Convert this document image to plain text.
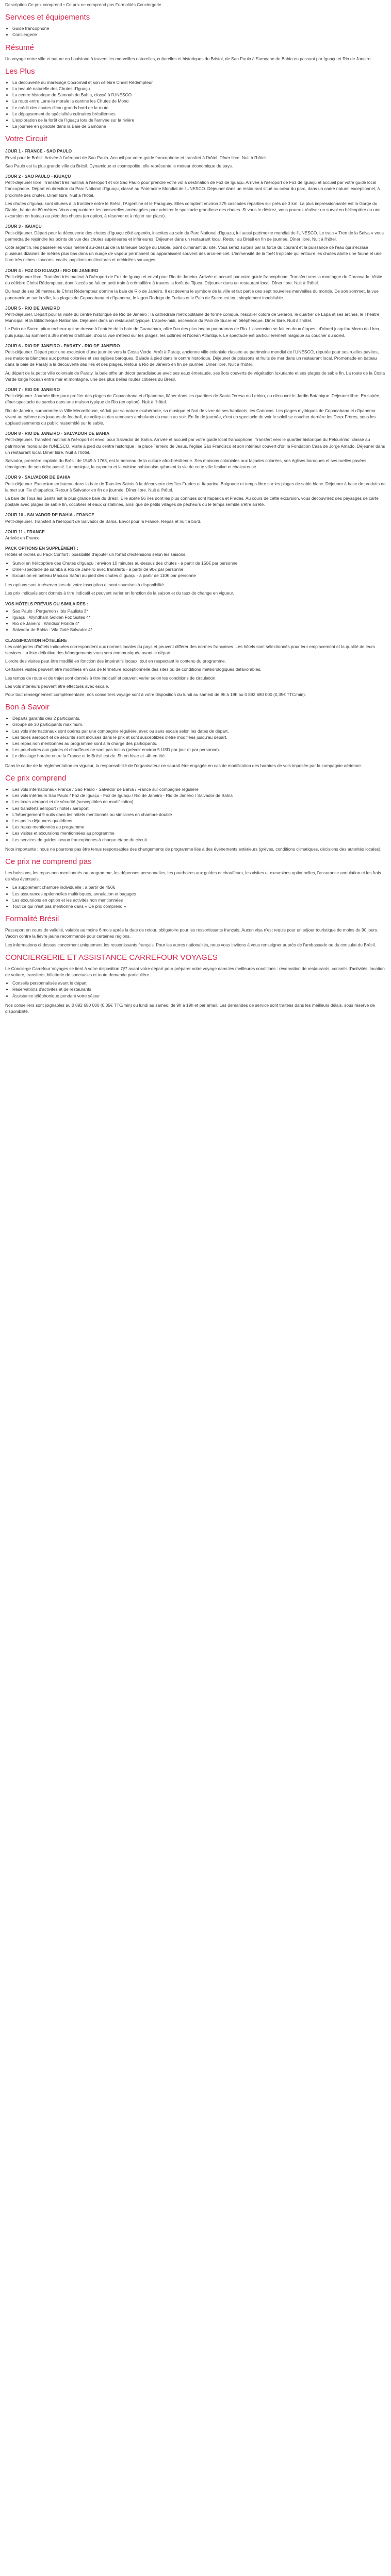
Description Ce prix comprend • Ce prix ne comprend pas Formalités Conciergerie
Services et équipements
• Guide francophone
• Conciergerie
Résumé

Un voyage entre ville et nature en Louisiane à travers les merveilles naturelles, culturelles et historiques du Bristol, de San Paulo à Samoane de Bahia en passant par Iguaçu et Rio de Janeiro.

Les Plus
• La découverte du marécage Cocromail et son célèbre Christ Rédempteur
• La beauté naturelle des Chutes d'Iguaçu
• La centre historique de Samoah de Bahia, classé à l'UNESCO
• La route entre Lane-la morale la cantine les Chutes de Mono
• Le crédit des chutes d'eau grands bord de la route
• Le dépaysement de spécialités culinaires brésiliennes
• L'exploration de la forêt de l'Iguaçu lors de l'arrivée sur la rivière
• La journée en gondole dans la Baie de Samoane
Votre Circuit

JOUR 1 - FRANCE - SAO PAULO

Envol pour le Brésil. Arrivée à l'aéroport de Sao Paulo. Accueil par votre guide francophone et transfert à l'hôtel. Dîner libre. Nuit à l'hôtel.

Sao Paulo est la plus grande ville du Brésil. Dynamique et cosmopolite, elle représente le moteur économique du pays.

JOUR 2 - SAO PAULO - IGUAÇU

Petit-déjeuner libre. Transfert très matinal à l'aéroport et vol Sao Paulo pour prendre votre vol à destination de Foz de Iguaçu. Arrivée à l'aéroport de Foz de Iguaçu et accueil par votre guide local francophone. Départ en direction du Parc National d'Iguaçu, classé au Patrimoine Mondial de l'UNESCO. Déjeuner dans un restaurant situé au cœur du parc, dans un cadre naturel exceptionnel, à proximité des chutes. Dîner libre. Nuit à l'hôtel.

Les chutes d'Iguaçu sont situées à la frontière entre le Brésil, l'Argentine et le Paraguay. Elles comptent environ 275 cascades réparties sur près de 3 km. La plus impressionnante est la Gorge du Diable, haute de 80 mètres. Vous emprunterez les passerelles aménagées pour admirer le spectacle grandiose des chutes. Si vous le désirez, vous pourrez réaliser un survol en hélicoptère ou une excursion en bateau au pied des chutes (en option, à réserver et à régler sur place).

JOUR 3 - IGUAÇU

Petit-déjeuner. Départ pour la découverte des chutes d'Iguaçu côté argentin, inscrites au sein du Parc National d'Iguazu, lui aussi patrimoine mondial de l'UNESCO. Le train « Tren de la Selva » vous permettra de rejoindre les points de vue des chutes supérieures et inférieures. Déjeuner dans un restaurant local. Retour au Brésil en fin de journée. Dîner libre. Nuit à l'hôtel.

Côté argentin, les passerelles vous mènent au-dessus de la fameuse Gorge du Diable, point culminant du site. Vous serez surpris par la force du courant et la puissance de l'eau qui s'écrase plusieurs dizaines de mètres plus bas dans un nuage de vapeur permanent où apparaissent souvent des arcs-en-ciel. L'immensité de la forêt tropicale qui entoure les chutes abrite une faune et une flore très riches : toucans, coatis, papillons multicolores et orchidées sauvages.

JOUR 4 - FOZ DO IGUAÇU - RIO DE JANEIRO

Petit-déjeuner libre. Transfert très matinal à l'aéroport de Foz de Iguaçu et envol pour Rio de Janeiro. Arrivée et accueil par votre guide francophone. Transfert vers la montagne du Corcovado. Visite du célèbre Christ Rédempteur, dont l'accès se fait en petit train à crémaillère à travers la forêt de Tijuca. Déjeuner dans un restaurant local. Dîner libre. Nuit à l'hôtel.

Du haut de ses 38 mètres, le Christ Rédempteur domine la baie de Rio de Janeiro. Il est devenu le symbole de la ville et fait partie des sept nouvelles merveilles du monde. De son sommet, la vue panoramique sur la ville, les plages de Copacabana et d'Ipanema, le lagon Rodrigo de Freitas et le Pain de Sucre est tout simplement inoubliable.

JOUR 5 - RIO DE JANEIRO

Petit-déjeuner. Départ pour la visite du centre historique de Rio de Janeiro : la cathédrale métropolitaine de forme conique, l'escalier coloré de Selarón, le quartier de Lapa et ses arches, le Théâtre Municipal et la Bibliothèque Nationale. Déjeuner dans un restaurant typique. L'après-midi, ascension du Pain de Sucre en téléphérique. Dîner libre. Nuit à l'hôtel.

Le Pain de Sucre, piton rocheux qui se dresse à l'entrée de la baie de Guanabara, offre l'un des plus beaux panoramas de Rio. L'ascension se fait en deux étapes : d'abord jusqu'au Morro da Urca, puis jusqu'au sommet à 396 mètres d'altitude, d'où la vue s'étend sur les plages, les collines et l'océan Atlantique. Le spectacle est particulièrement magique au coucher du soleil.

JOUR 6 - RIO DE JANEIRO - PARATY - RIO DE JANEIRO

Petit-déjeuner. Départ pour une excursion d'une journée vers la Costa Verde. Arrêt à Paraty, ancienne ville coloniale classée au patrimoine mondial de l'UNESCO, réputée pour ses ruelles pavées, ses maisons blanches aux portes colorées et ses églises baroques. Balade à pied dans le centre historique. Déjeuner de poissons et fruits de mer dans un restaurant local. Promenade en bateau dans la baie de Paraty à la découverte des îles et des plages. Retour à Rio de Janeiro en fin de journée. Dîner libre. Nuit à l'hôtel.

Au départ de la petite ville coloniale de Paraty, la baie offre un décor paradisiaque avec ses eaux émeraude, ses îlots couverts de végétation luxuriante et ses plages de sable fin. La route de la Costa Verde longe l'océan entre mer et montagne, une des plus belles routes côtières du Brésil.

JOUR 7 - RIO DE JANEIRO

Petit-déjeuner. Journée libre pour profiter des plages de Copacabana et d'Ipanema, flâner dans les quartiers de Santa Teresa ou Leblon, ou découvrir le Jardin Botanique. Déjeuner libre. En soirée, dîner-spectacle de samba dans une maison typique de Rio (en option). Nuit à l'hôtel.

Rio de Janeiro, surnommée la Ville Merveilleuse, séduit par sa nature exubérante, sa musique et l'art de vivre de ses habitants, les Cariocas. Les plages mythiques de Copacabana et d'Ipanema vivent au rythme des joueurs de football, de volley et des vendeurs ambulants du matin au soir. En fin de journée, c'est un spectacle de voir le soleil se coucher derrière les Deux Frères, sous les applaudissements du public rassemblé sur le sable.

JOUR 8 - RIO DE JANEIRO - SALVADOR DE BAHIA

Petit-déjeuner. Transfert matinal à l'aéroport et envol pour Salvador de Bahia. Arrivée et accueil par votre guide local francophone. Transfert vers le quartier historique du Pelourinho, classé au patrimoine mondial de l'UNESCO. Visite à pied du centre historique : la place Terreiro de Jesus, l'église São Francisco et son intérieur couvert d'or, la Fondation Casa de Jorge Amado. Déjeuner dans un restaurant local. Dîner libre. Nuit à l'hôtel.

Salvador, première capitale du Brésil de 1549 à 1763, est le berceau de la culture afro-brésilienne. Ses maisons coloniales aux façades colorées, ses églises baroques et ses ruelles pavées témoignent de son riche passé. La musique, la capoeira et la cuisine bahianaise rythment la vie de cette ville festive et chaleureuse.

JOUR 9 - SALVADOR DE BAHIA

Petit-déjeuner. Excursion en bateau dans la baie de Tous les Saints à la découverte des îles Frades et Itaparica. Baignade et temps libre sur les plages de sable blanc. Déjeuner à base de produits de la mer sur l'île d'Itaparica. Retour à Salvador en fin de journée. Dîner libre. Nuit à l'hôtel.

La baie de Tous les Saints est la plus grande baie du Brésil. Elle abrite 56 îles dont les plus connues sont Itaparica et Frades. Au cours de cette excursion, vous découvrirez des paysages de carte postale avec plages de sable fin, cocotiers et eaux cristallines, ainsi que de petits villages de pêcheurs où le temps semble s'être arrêté.

JOUR 10 - SALVADOR DE BAHIA - FRANCE

Petit-déjeuner. Transfert à l'aéroport de Salvador de Bahia. Envol pour la France. Repas et nuit à bord.

JOUR 11 - FRANCE

Arrivée en France.

PACK OPTIONS EN SUPPLÉMENT :

Hôtels et ordres du Pack Confort : possibilité d'ajouter un forfait d'extensions selon les saisons.

• Survol en hélicoptère des Chutes d'Iguaçu : environ 10 minutes au-dessus des chutes - à partir de 150€ par personne
• Dîner-spectacle de samba à Rio de Janeiro avec transferts - à partir de 90€ par personne
• Excursion en bateau Macuco Safari au pied des chutes d'Iguaçu - à partir de 110€ par personne

Les options sont à réserver lors de votre inscription et sont soumises à disponibilité.

Les prix indiqués sont donnés à titre indicatif et peuvent varier en fonction de la saison et du taux de change en vigueur.

VOS HÔTELS PRÉVUS OU SIMILAIRES :

• Sao Paulo : Pergamon / Ibis Paulista 3*
• Iguaçu : Wyndham Golden Foz Suites 4*
• Rio de Janeiro : Windsor Flórida 4*
• Salvador de Bahia : Vila Galé Salvador 4*

CLASSIFICATION HÔTELIÈRE

Les catégories d'hôtels indiquées correspondent aux normes locales du pays et peuvent différer des normes françaises. Les hôtels sont sélectionnés pour leur emplacement et la qualité de leurs services. La liste définitive des hébergements vous sera communiquée avant le départ.

L'ordre des visites peut être modifié en fonction des impératifs locaux, tout en respectant le contenu du programme.

Certaines visites peuvent être modifiées en cas de fermeture exceptionnelle des sites ou de conditions météorologiques défavorables.

Les temps de route et de trajet sont donnés à titre indicatif et peuvent varier selon les conditions de circulation.

Les vols intérieurs peuvent être effectués avec escale.

Pour tout renseignement complémentaire, nos conseillers voyage sont à votre disposition du lundi au samedi de 9h à 19h au 0 892 680 000 (0,35€ TTC/min).

Bon à Savoir
• Départs garantis dès 2 participants.
• Groupe de 30 participants maximum.
• Les vols internationaux sont opérés par une compagnie régulière, avec ou sans escale selon les dates de départ.
• Les taxes aéroport et de sécurité sont incluses dans le prix et sont susceptibles d'être modifiées jusqu'au départ.
• Les repas non mentionnés au programme sont à la charge des participants.
• Les pourboires aux guides et chauffeurs ne sont pas inclus (prévoir environ 5 USD par jour et par personne).
• Le décalage horaire entre la France et le Brésil est de -5h en hiver et -4h en été.

Dans le cadre de la réglementation en vigueur, la responsabilité de l'organisateur ne saurait être engagée en cas de modification des horaires de vols imposée par la compagnie aérienne.

Ce prix comprend
• Les vols internationaux France / Sao Paulo - Salvador de Bahia / France sur compagnie régulière
• Les vols intérieurs Sao Paulo / Foz de Iguaçu - Foz de Iguaçu / Rio de Janeiro - Rio de Janeiro / Salvador de Bahia
• Les taxes aéroport et de sécurité (susceptibles de modification)
• Les transferts aéroport / hôtel / aéroport
• L'hébergement 9 nuits dans les hôtels mentionnés ou similaires en chambre double
• Les petits-déjeuners quotidiens
• Les repas mentionnés au programme
• Les visites et excursions mentionnées au programme
• Les services de guides locaux francophones à chaque étape du circuit

Note importante : nous ne pourrons pas être tenus responsables des changements de programme liés à des événements extérieurs (grèves, conditions climatiques, décisions des autorités locales).

Ce prix ne comprend pas

Les boissons, les repas non mentionnés au programme, les dépenses personnelles, les pourboires aux guides et chauffeurs, les visites et excursions optionnelles, l'assurance annulation et les frais de visa éventuels.

• Le supplément chambre individuelle : à partir de 450€
• Les assurances optionnelles multirisques, annulation et bagages
• Les excursions en option et les activités non mentionnées
• Tout ce qui n'est pas mentionné dans « Ce prix comprend »
Formalité Brésil

Passeport en cours de validité, valable au moins 6 mois après la date de retour, obligatoire pour les ressortissants français. Aucun visa n'est requis pour un séjour touristique de moins de 90 jours. Vaccin contre la fièvre jaune recommandé pour certaines régions.

Les informations ci-dessus concernent uniquement les ressortissants français. Pour les autres nationalités, nous vous invitons à vous renseigner auprès de l'ambassade ou du consulat du Brésil.

CONCIERGERIE ET ASSISTANCE CARREFOUR VOYAGES

Le Concierge Carrefour Voyages se tient à votre disposition 7j/7 avant votre départ pour préparer votre voyage dans les meilleures conditions : réservation de restaurants, conseils d'activités, location de voiture, transferts, billetterie de spectacles et toute demande particulière.

• Conseils personnalisés avant le départ
• Réservations d'activités et de restaurants
• Assistance téléphonique pendant votre séjour

Nos conseillers sont joignables au 0 892 680 000 (0,35€ TTC/min) du lundi au samedi de 9h à 19h et par email. Les demandes de service sont traitées dans les meilleurs délais, sous réserve de disponibilité.
